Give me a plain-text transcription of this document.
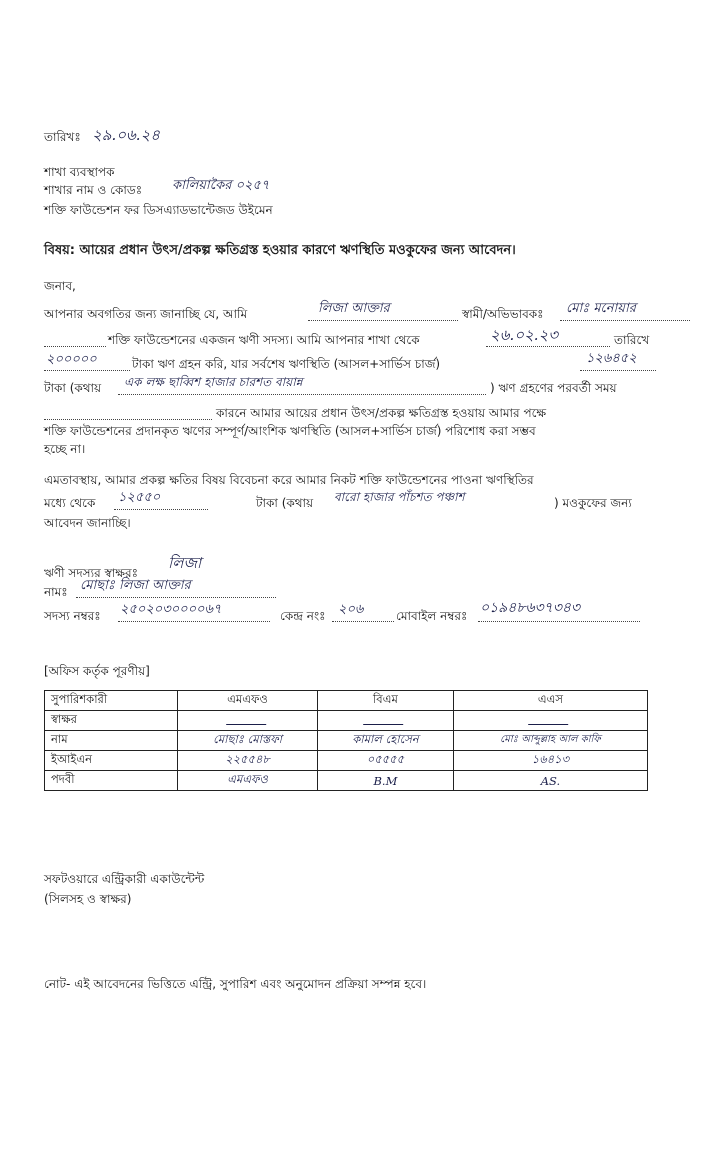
তারিখঃ ২৯.০৬.২৪
শাখা ব্যবস্থাপক
শাখার নাম ও কোডঃ কালিয়াকৈর ০২৫৭
শক্তি ফাউন্ডেশন ফর ডিসএ্যাডভান্টেজড উইমেন
বিষয়: আয়ের প্রধান উৎস/প্রকল্প ক্ষতিগ্রস্ত হওয়ার কারণে ঋণস্থিতি মওকুফের জন্য আবেদন।
জনাব,
আপনার অবগতির জন্য জানাচ্ছি যে, আমি	লিজা আক্তার	স্বামী/অভিভাবকঃ মোঃ মনোয়ার
শক্তি ফাউন্ডেশনের একজন ঋণী সদস্য। আমি আপনার শাখা থেকে	২৬.০২.২৩	তারিখে
২০০০০০	টাকা ঋণ গ্রহন করি, যার সর্বশেষ ঋণস্থিতি (আসল+সার্ভিস চার্জ)	১২৬৪৫২
টাকা (কথায় এক লক্ষ ছাব্বিশ হাজার চারশত বায়ান্ন	) ঋণ গ্রহণের পরবর্তী সময়
কারনে আমার আয়ের প্রধান উৎস/প্রকল্প ক্ষতিগ্রস্ত হওয়ায় আমার পক্ষে
শক্তি ফাউন্ডেশনের প্রদানকৃত ঋণের সম্পূর্ণ/আংশিক ঋণস্থিতি (আসল+সার্ভিস চার্জ) পরিশোধ করা সম্ভব
হচ্ছে না।
এমতাবস্থায়, আমার প্রকল্প ক্ষতির বিষয় বিবেচনা করে আমার নিকট শক্তি ফাউন্ডেশনের পাওনা ঋণস্থিতির
মধ্যে থেকে ১২৫৫০	টাকা (কথায় বারো হাজার পাঁচশত পঞ্চাশ	) মওকুফের জন্য
আবেদন জানাচ্ছি।
ঋণী সদস্যর স্বাক্ষরঃ
লিজা
নামঃ মোছাঃ লিজা আক্তার
সদস্য নম্বরঃ ২৫০২০৩০০০০৬৭	কেন্দ্র নংঃ ২০৬	মোবাইল নম্বরঃ ০১৯৪৮৬৩৭৩৪৩
[অফিস কর্তৃক পূরণীয়]
সুপারিশকারী	এমএফও	বিএম	এএস
স্বাক্ষর			
নাম	মোছাঃ মোস্তফা	কামাল হোসেন	মোঃ আব্দুল্লাহ আল কাফি
ইআইএন	২২৫৫৪৮	০৫৫৫৫	১৬৪১৩
পদবী	এমএফও	B.M	AS.
সফটওয়ারে এন্ট্রিকারী একাউন্টেন্ট
(সিলসহ ও স্বাক্ষর)
নোট- এই আবেদনের ভিত্তিতে এন্ট্রি, সুপারিশ এবং অনুমোদন প্রক্রিয়া সম্পন্ন হবে।
